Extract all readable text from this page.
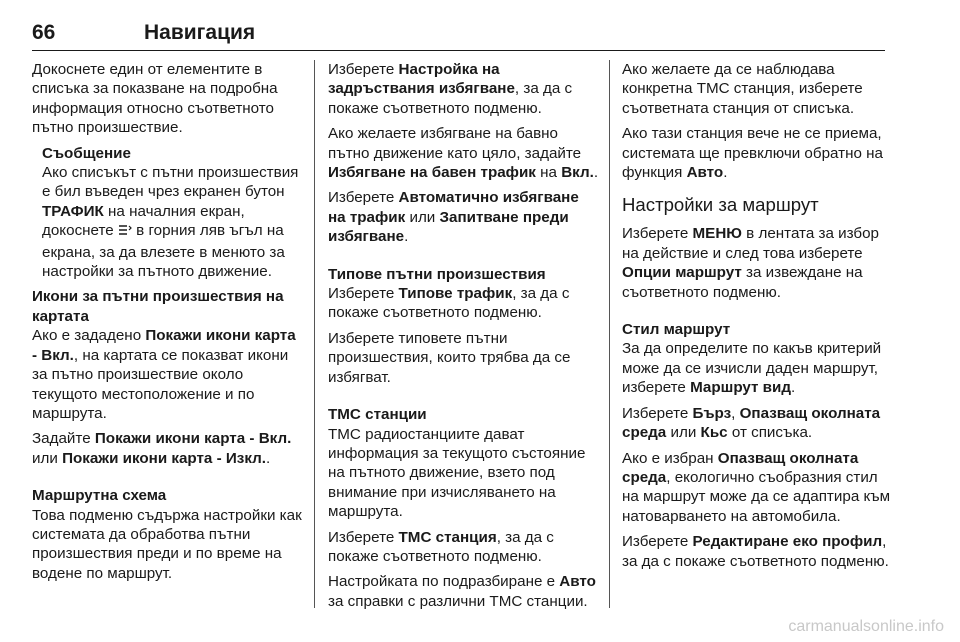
66	Навигация

Докоснете един от елементите в списъка за показване на подробна информация относно съответното пътно произшествие.

Съобщение

Ако списъкът с пътни произшествия е бил въведен чрез екранен бутон ТРАФИК на началния екран, докоснете  в горния ляв ъгъл на екрана, за да влезете в менюто за настройки за пътното движение.

Икони за пътни произшествия на картата

Ако е зададено Покажи икони карта - Вкл., на картата се показват икони за пътно произшествие около текущото местоположение и по маршрута.

Задайте Покажи икони карта - Вкл. или Покажи икони карта - Изкл..

Маршрутна схема

Това подменю съдържа настройки как системата да обработва пътни произшествия преди и по време на водене по маршрут.

Изберете Настройка на задръствания избягване, за да с покаже съответното подменю.

Ако желаете избягване на бавно пътно движение като цяло, задайте Избягване на бавен трафик на Вкл..

Изберете Автоматично избягване на трафик или Запитване преди избягване.

Типове пътни произшествия

Изберете Типове трафик, за да с покаже съответното подменю.

Изберете типовете пътни произшествия, които трябва да се избягват.

TMC станции

TMC радиостанциите дават информация за текущото състояние на пътното движение, взето под внимание при изчисляването на маршрута.

Изберете TMC станция, за да с покаже съответното подменю.

Настройката по подразбиране е Авто за справки с различни TMC станции.

Ако желаете да се наблюдава конкретна TMC станция, изберете съответната станция от списъка.

Ако тази станция вече не се приема, системата ще превключи обратно на функция Авто.

Настройки за маршрут

Изберете МЕНЮ в лентата за избор на действие и след това изберете Опции маршрут за извеждане на съответното подменю.

Стил маршрут

За да определите по какъв критерий може да се изчисли даден маршрут, изберете Маршрут вид.

Изберете Бърз, Опазващ околната среда или Кьс от списъка.

Ако е избран Опазващ околната среда, екологично съобразния стил на маршрут може да се адаптира към натоварването на автомобила.

Изберете Редактиране еко профил, за да с покаже съответното подменю.

carmanualsonline.info
